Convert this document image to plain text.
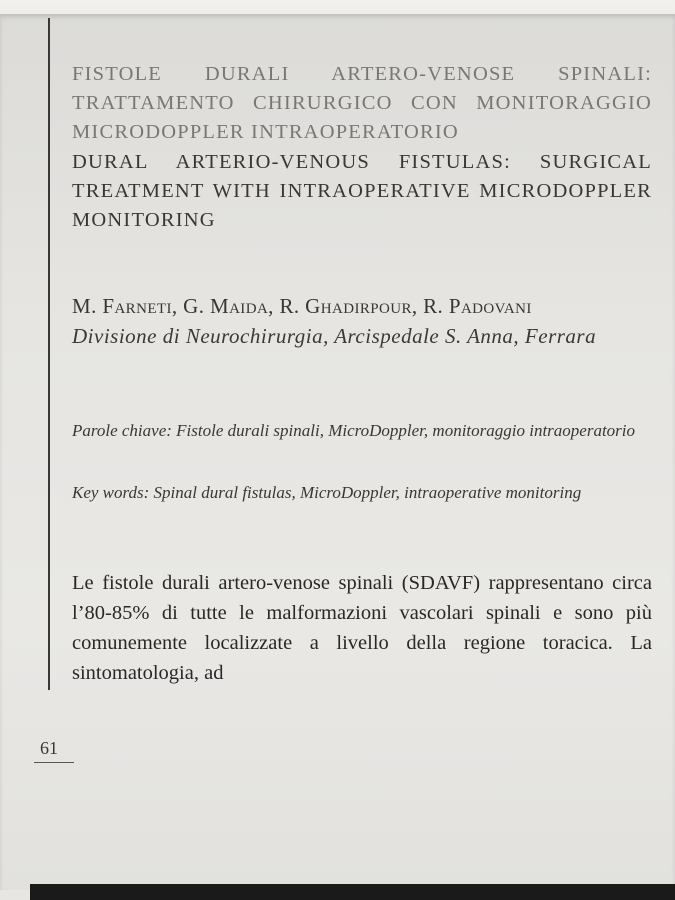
FISTOLE DURALI ARTERO-VENOSE SPINALI: TRATTAMENTO CHIRURGICO CON MONITORAGGIO MICRODOPPLER INTRAOPERATORIO
DURAL ARTERIO-VENOUS FISTULAS: SURGICAL TREATMENT WITH INTRAOPERATIVE MICRODOPPLER MONITORING
M. Farneti, G. Maida, R. Ghadirpour, R. Padovani
Divisione di Neurochirurgia, Arcispedale S. Anna, Ferrara
Parole chiave: Fistole durali spinali, MicroDoppler, monitoraggio intraoperatorio
Key words: Spinal dural fistulas, MicroDoppler, intraoperative monitoring
Le fistole durali artero-venose spinali (SDAVF) rappresentano circa l’80-85% di tutte le malformazioni vascolari spinali e sono più comunemente localizzate a livello della regione toracica. La sintomatologia, ad
61
